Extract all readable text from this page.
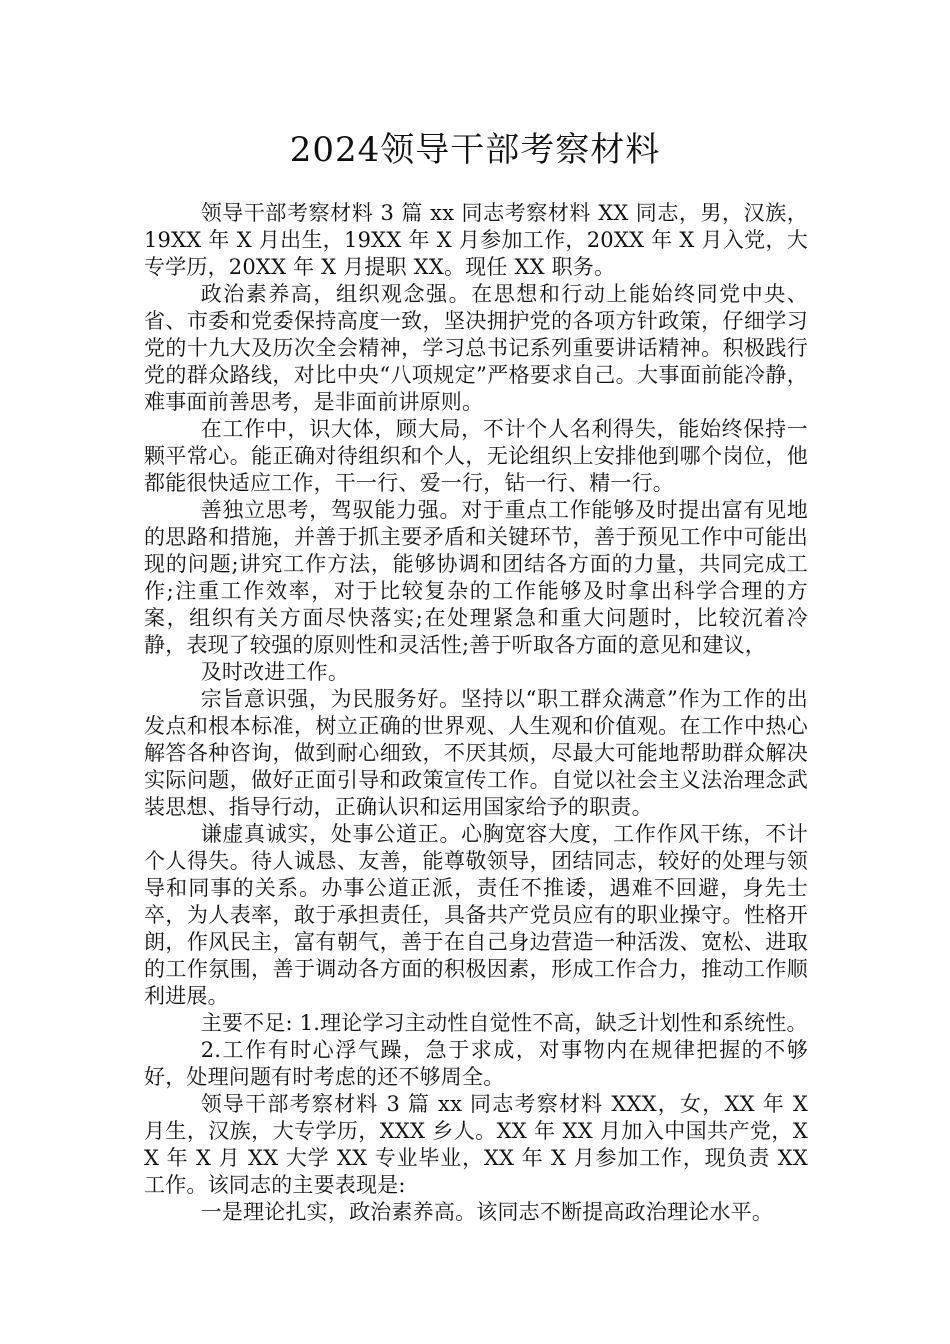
2024领导干部考察材料

领导干部考察材料 3 篇 xx 同志考察材料 XX 同志，男，汉族，19XX 年 X 月出生，19XX 年 X 月参加工作，20XX 年 X 月入党，大专学历，20XX 年 X 月提职 XX。现任 XX 职务。

政治素养高，组织观念强。在思想和行动上能始终同党中央、省、市委和党委保持高度一致，坚决拥护党的各项方针政策，仔细学习党的十九大及历次全会精神，学习总书记系列重要讲话精神。积极践行党的群众路线，对比中央“八项规定”严格要求自己。大事面前能冷静，难事面前善思考，是非面前讲原则。

在工作中，识大体，顾大局，不计个人名利得失，能始终保持一颗平常心。能正确对待组织和个人，无论组织上安排他到哪个岗位，他都能很快适应工作，干一行、爱一行，钻一行、精一行。

善独立思考，驾驭能力强。对于重点工作能够及时提出富有见地的思路和措施，并善于抓主要矛盾和关键环节，善于预见工作中可能出现的问题;讲究工作方法，能够协调和团结各方面的力量，共同完成工作;注重工作效率，对于比较复杂的工作能够及时拿出科学合理的方案，组织有关方面尽快落实;在处理紧急和重大问题时，比较沉着冷静，表现了较强的原则性和灵活性;善于听取各方面的意见和建议，

及时改进工作。

宗旨意识强，为民服务好。坚持以“职工群众满意”作为工作的出发点和根本标准，树立正确的世界观、人生观和价值观。在工作中热心解答各种咨询，做到耐心细致，不厌其烦，尽最大可能地帮助群众解决实际问题，做好正面引导和政策宣传工作。自觉以社会主义法治理念武装思想、指导行动，正确认识和运用国家给予的职责。

谦虚真诚实，处事公道正。心胸宽容大度，工作作风干练，不计个人得失。待人诚恳、友善，能尊敬领导，团结同志，较好的处理与领导和同事的关系。办事公道正派，责任不推诿，遇难不回避，身先士卒，为人表率，敢于承担责任，具备共产党员应有的职业操守。性格开朗，作风民主，富有朝气，善于在自己身边营造一种活泼、宽松、进取的工作氛围，善于调动各方面的积极因素，形成工作合力，推动工作顺利进展。

主要不足: 1.理论学习主动性自觉性不高，缺乏计划性和系统性。

2.工作有时心浮气躁，急于求成，对事物内在规律把握的不够好，处理问题有时考虑的还不够周全。

领导干部考察材料 3 篇 xx 同志考察材料 XXX，女，XX 年 X 月生，汉族，大专学历，XXX 乡人。XX 年 XX 月加入中国共产党，XX 年 X 月 XX 大学 XX 专业毕业，XX 年 X 月参加工作，现负责 XX 工作。该同志的主要表现是:

一是理论扎实，政治素养高。该同志不断提高政治理论水平。
